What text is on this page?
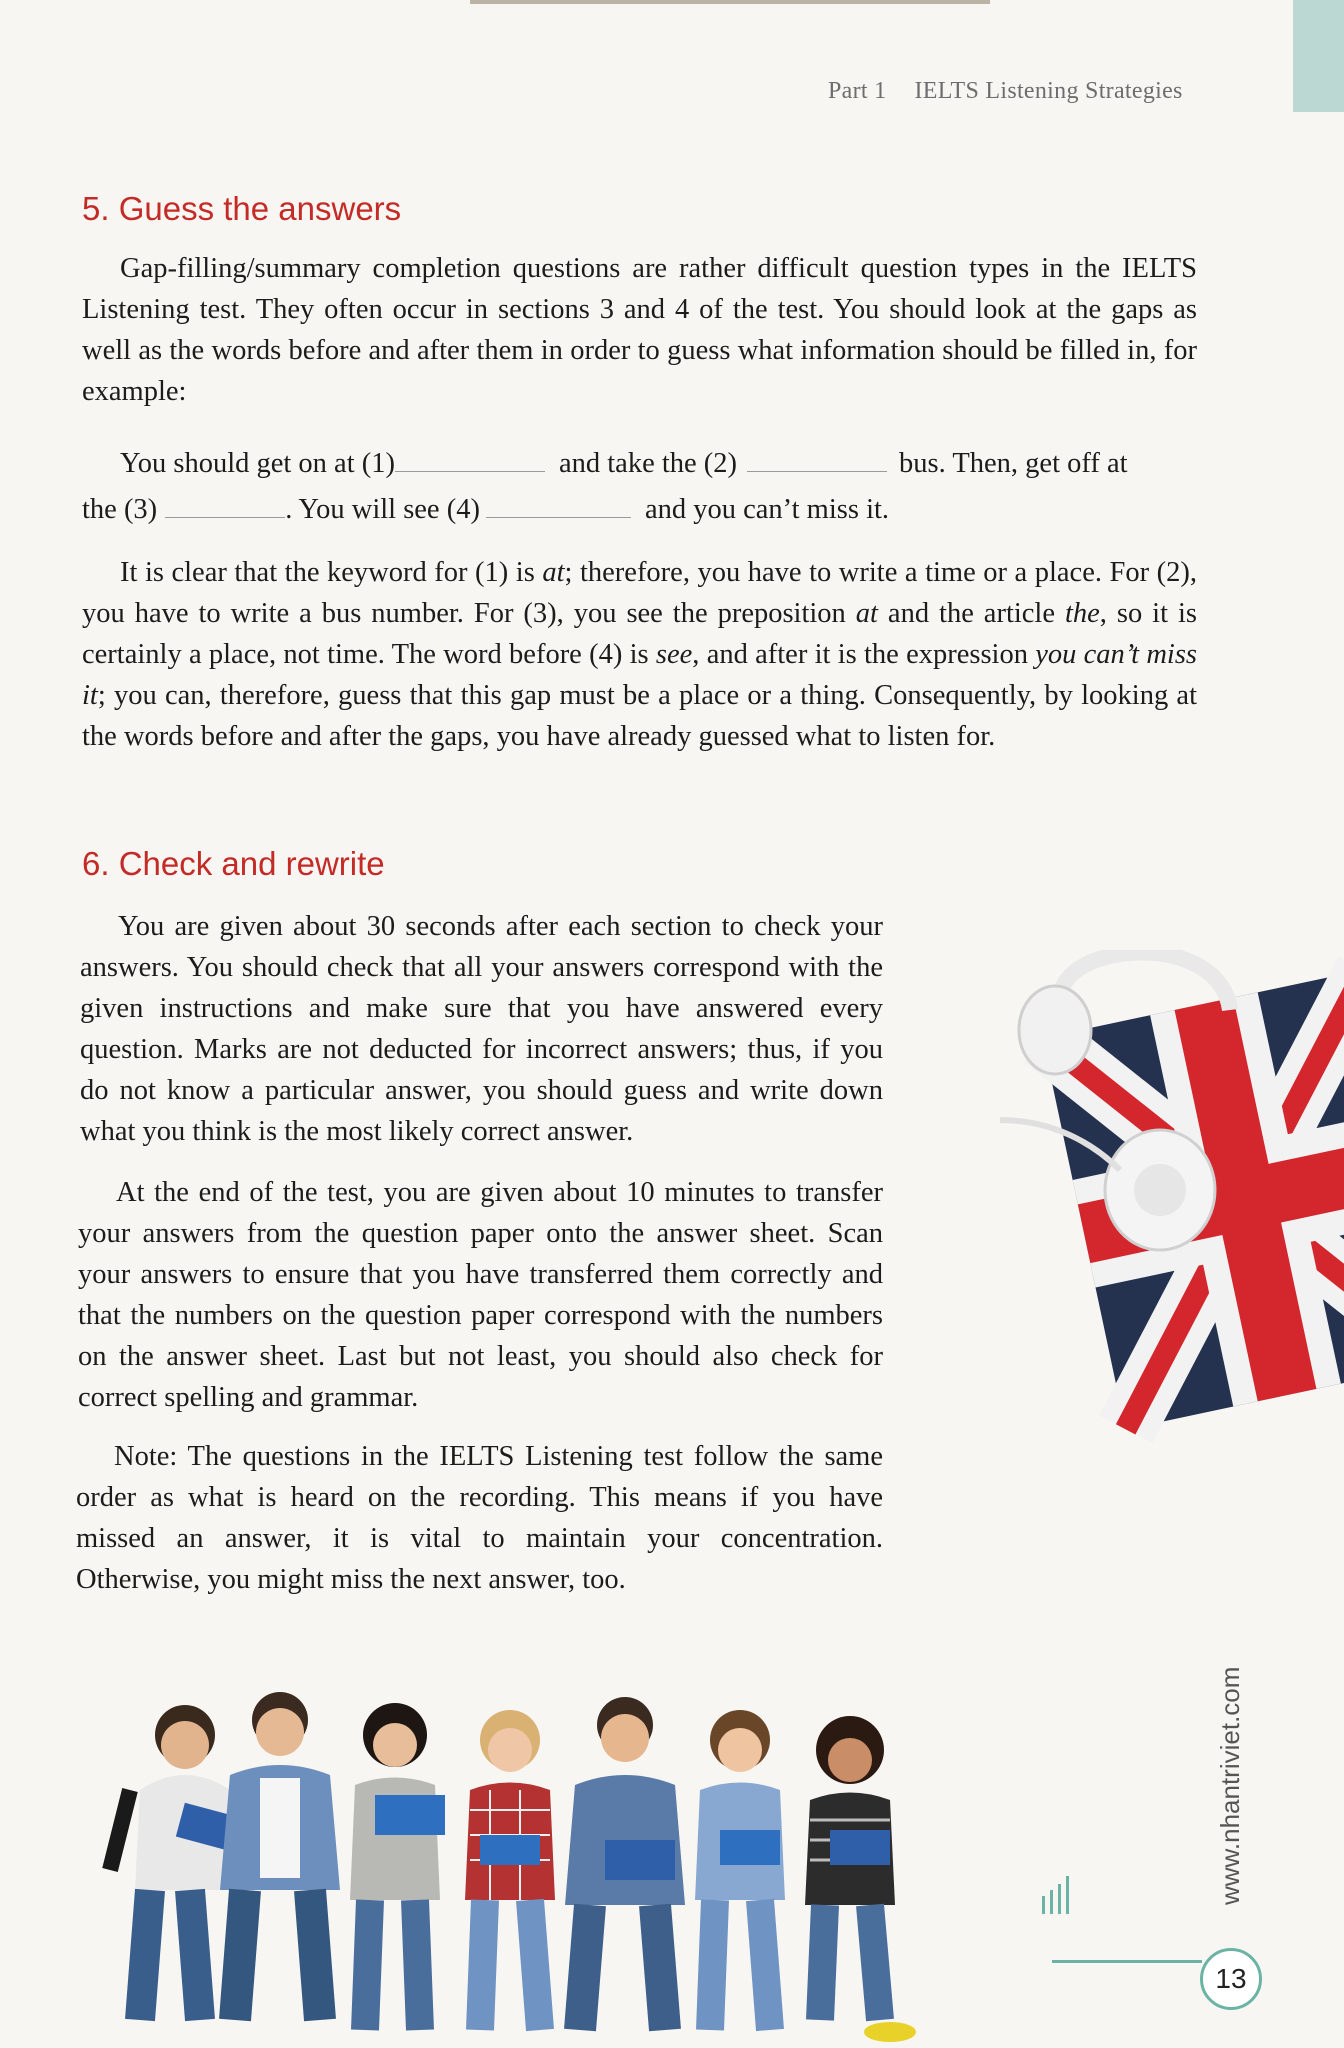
Part 1 IELTS Listening Strategies
5. Guess the answers

Gap-filling/summary completion questions are rather difficult question types in the IELTS Listening test. They often occur in sections 3 and 4 of the test. You should look at the gaps as well as the words before and after them in order to guess what information should be filled in, for example:

You should get on at (1)	and take the (2)	bus. Then, get off at
the (3)	. You will see (4)	and you can’t miss it.

It is clear that the keyword for (1) is at; therefore, you have to write a time or a place. For (2), you have to write a bus number. For (3), you see the preposition at and the article the, so it is certainly a place, not time. The word before (4) is see, and after it is the expression you can’t miss it; you can, therefore, guess that this gap must be a place or a thing. Consequently, by looking at the words before and after the gaps, you have already guessed what to listen for.

6. Check and rewrite

You are given about 30 seconds after each section to check your answers. You should check that all your answers correspond with the given instructions and make sure that you have answered every question. Marks are not deducted for incorrect answers; thus, if you do not know a particular answer, you should guess and write down what you think is the most likely correct answer.

At the end of the test, you are given about 10 minutes to transfer your answers from the question paper onto the answer sheet. Scan your answers to ensure that you have transferred them correctly and that the numbers on the question paper correspond with the numbers on the answer sheet. Last but not least, you should also check for correct spelling and grammar.

Note: The questions in the IELTS Listening test follow the same order as what is heard on the recording. This means if you have missed an answer, it is vital to maintain your concentration. Otherwise, you might miss the next answer, too.

www.nhantriviet.com
13
